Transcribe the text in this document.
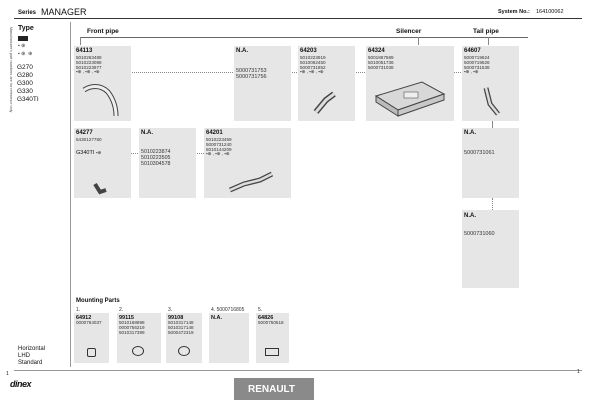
Series MANAGER	System No.: 164100062
Manufacturer's part numbers are for reference only Type
▪ ⊕
▪ ⊕  ⊕
G270
G280
G300
G330
G340TI
Front pipe	Silencer	Tail pipe
64113
5010263488
5010223088
5010223877
▪⊕ , ▪⊕ , ▪⊕
N.A.
5000731753
5000731756
64203
5010223919
5010062450
5000731852
▪⊕ , ▪⊕ , ▪⊕
64324
5001867589
5010051736
5000731038
64607
5000719624
5000719626
5000731538
▪⊕ , ▪⊕
64277
5430127780
G340TI ▪⊕
N.A.
5010223874
5010223505
5010304578
64201
5010223459
5000731240
5010144209
▪⊕ , ▪⊕ , ▪⊕
N.A.
5000731061
N.A.
5000731060
Mounting Parts
1.
64912
0000764037
2.
99115
5010168898
0000756219
5010317399
3.
99108
5010317148
5010317148
5000472319
4. 5000716805
N.A.
5.
64826
5000750518
Horizontal
LHD
Standard
1	1
dinex	RENAULT
